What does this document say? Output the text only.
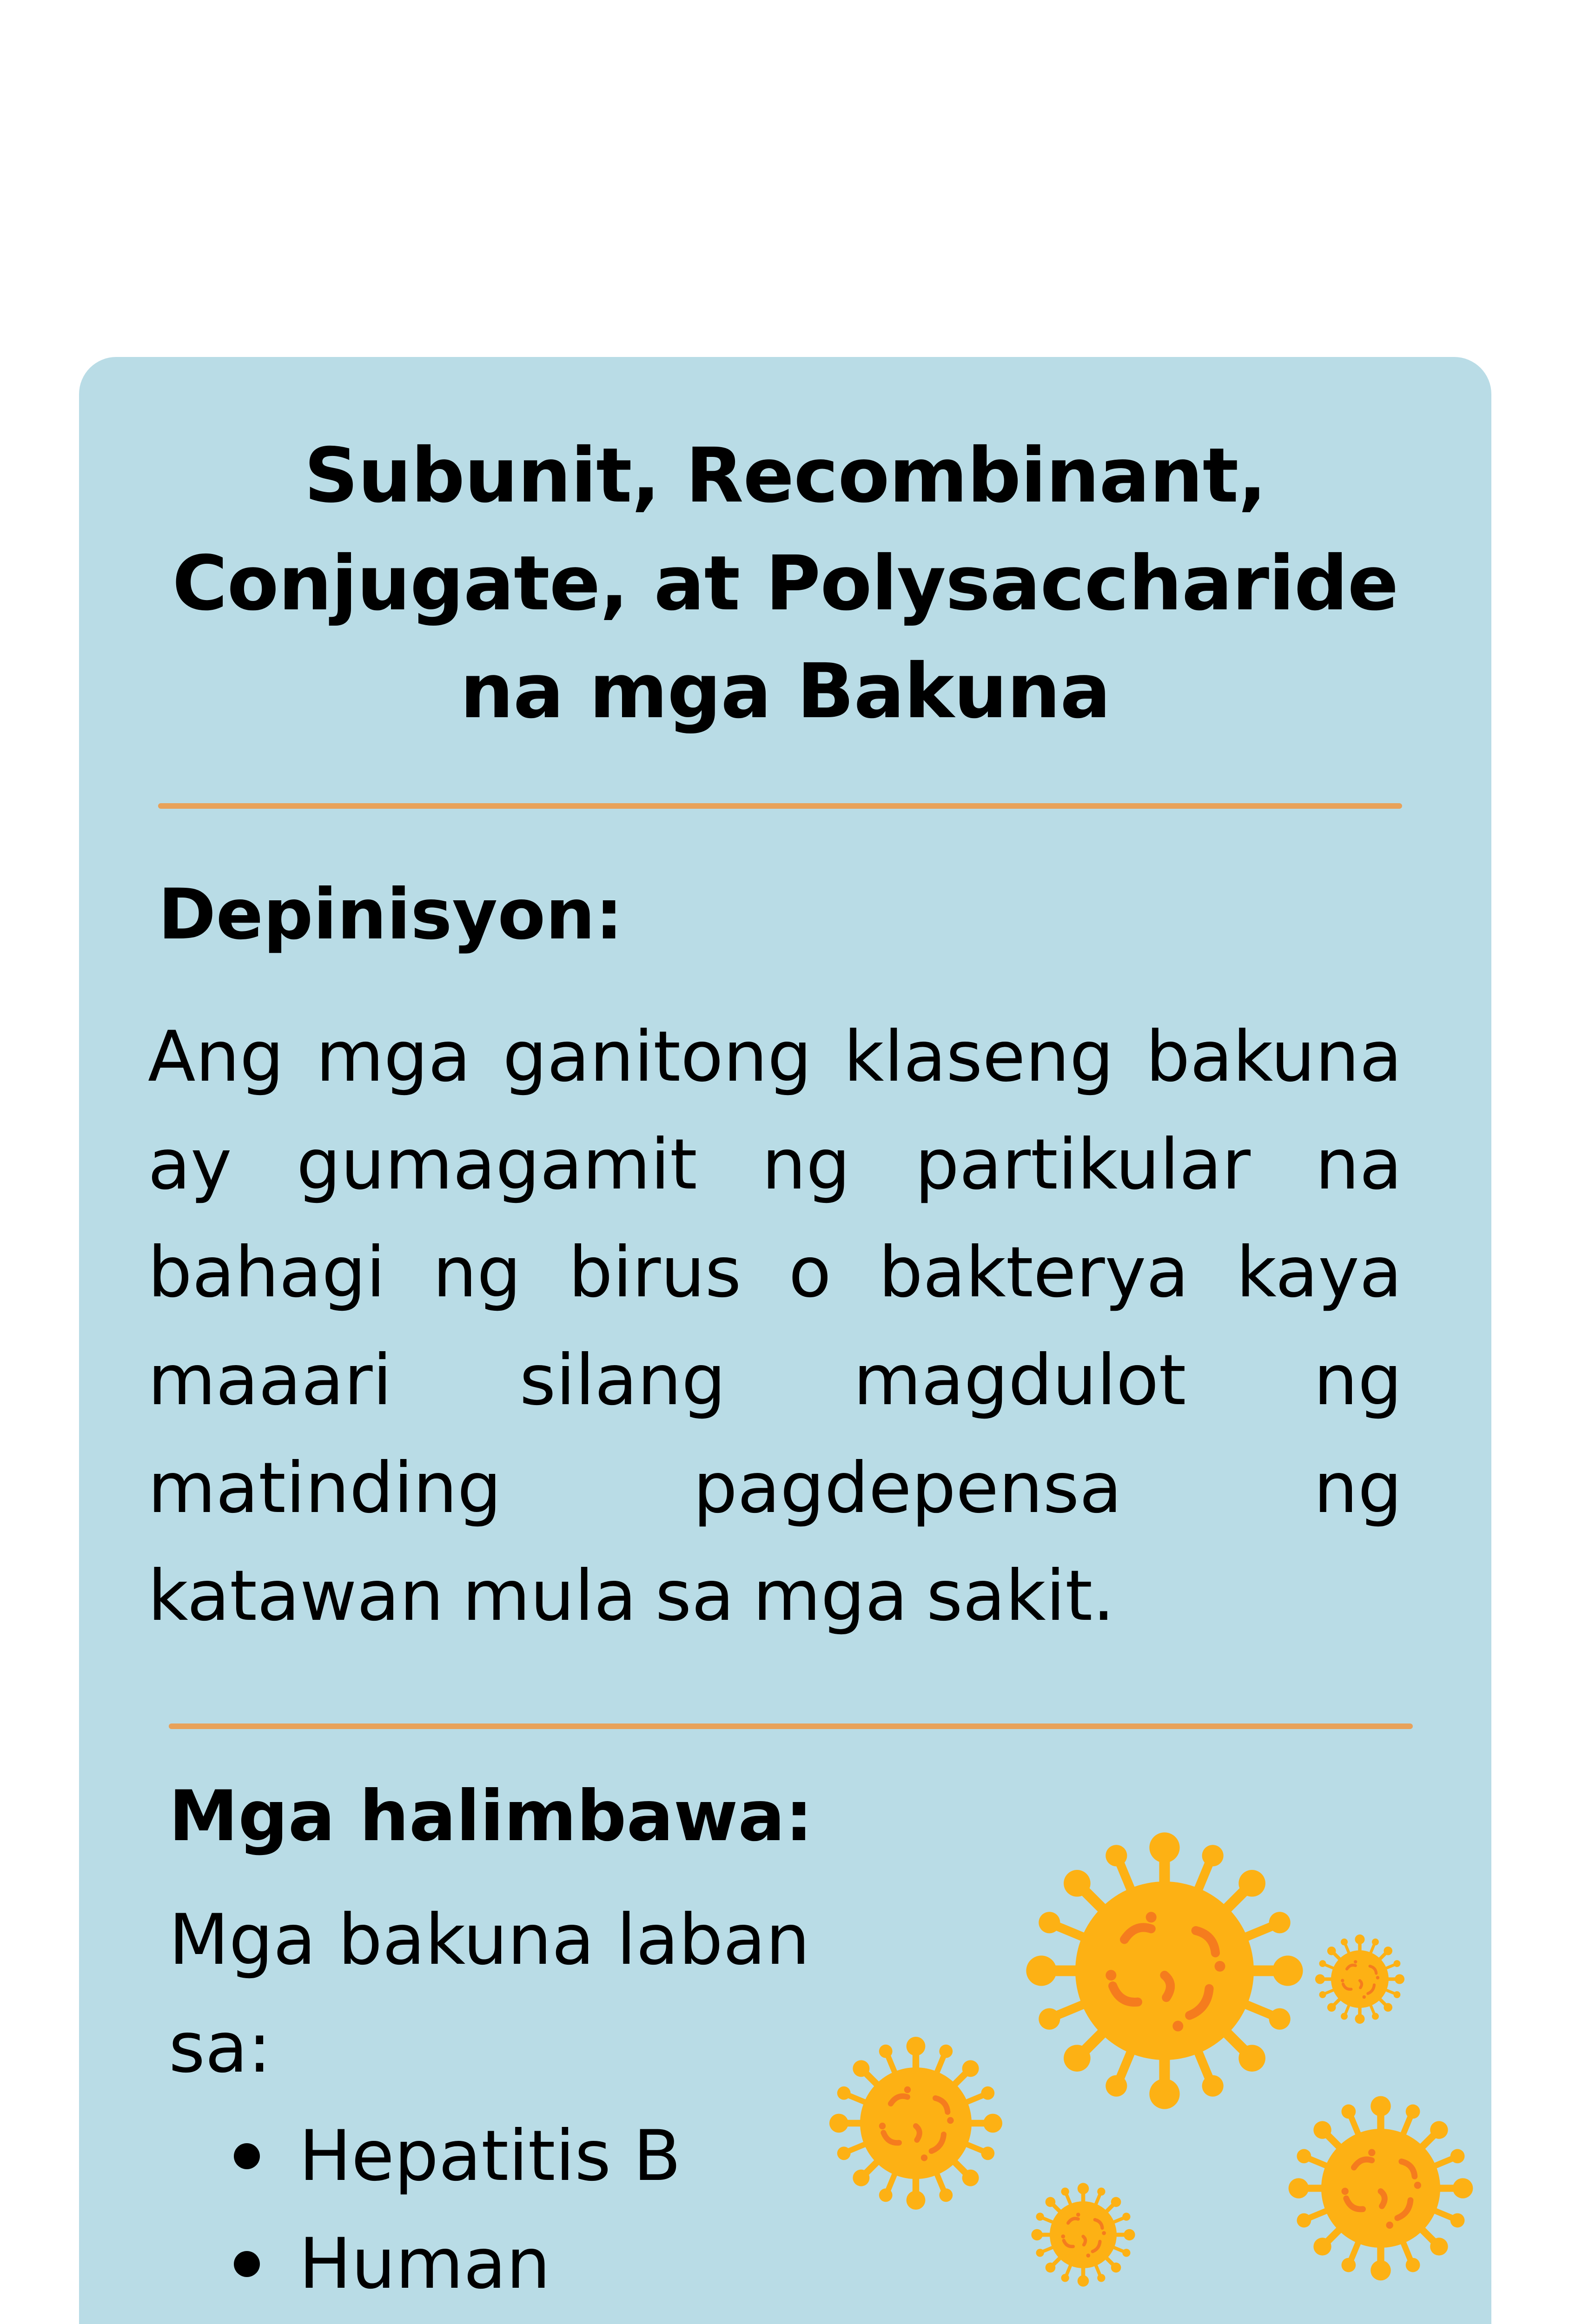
Subunit, Recombinant,
Conjugate, at Polysaccharide
na mga Bakuna
Depinisyon:
Ang mga ganitong klaseng bakuna
ay gumagamit ng partikular na
bahagi ng birus o bakterya kaya
maaari silang magdulot ng
matinding	pagdepensa	ng
katawan mula sa mga sakit.
Mga halimbawa:

Mga bakuna laban
sa:

Hepatitis B
Human
